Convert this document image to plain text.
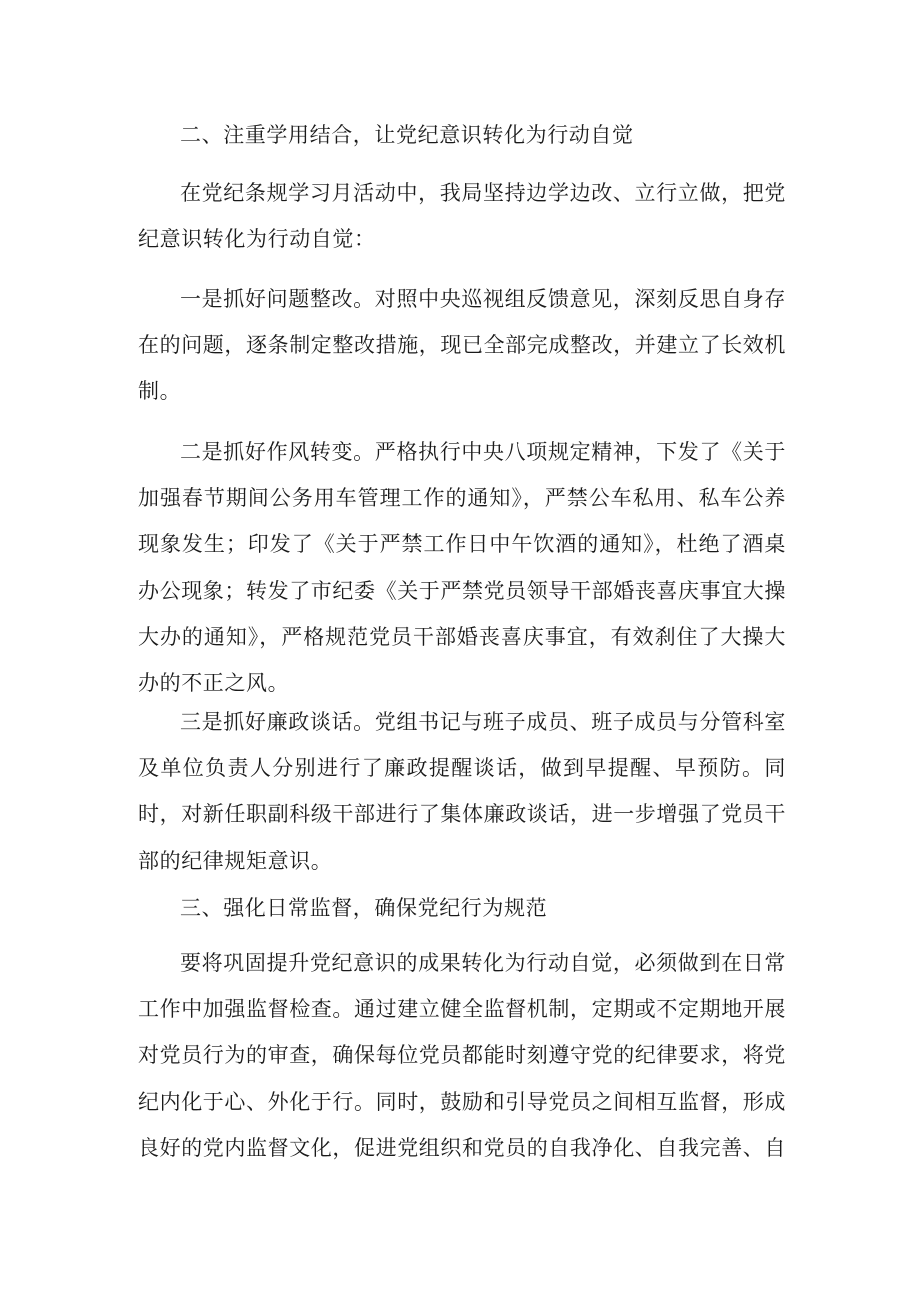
二、注重学用结合，让党纪意识转化为行动自觉

在党纪条规学习月活动中，我局坚持边学边改、立行立做，把党纪意识转化为行动自觉：

一是抓好问题整改。对照中央巡视组反馈意见，深刻反思自身存在的问题，逐条制定整改措施，现已全部完成整改，并建立了长效机制。

二是抓好作风转变。严格执行中央八项规定精神，下发了《关于加强春节期间公务用车管理工作的通知》，严禁公车私用、私车公养现象发生；印发了《关于严禁工作日中午饮酒的通知》，杜绝了酒桌办公现象；转发了市纪委《关于严禁党员领导干部婚丧喜庆事宜大操大办的通知》，严格规范党员干部婚丧喜庆事宜，有效刹住了大操大办的不正之风。

三是抓好廉政谈话。党组书记与班子成员、班子成员与分管科室及单位负责人分别进行了廉政提醒谈话，做到早提醒、早预防。同时，对新任职副科级干部进行了集体廉政谈话，进一步增强了党员干部的纪律规矩意识。

三、强化日常监督，确保党纪行为规范

要将巩固提升党纪意识的成果转化为行动自觉，必须做到在日常工作中加强监督检查。通过建立健全监督机制，定期或不定期地开展对党员行为的审查，确保每位党员都能时刻遵守党的纪律要求，将党纪内化于心、外化于行。同时，鼓励和引导党员之间相互监督，形成良好的党内监督文化，促进党组织和党员的自我净化、自我完善、自
